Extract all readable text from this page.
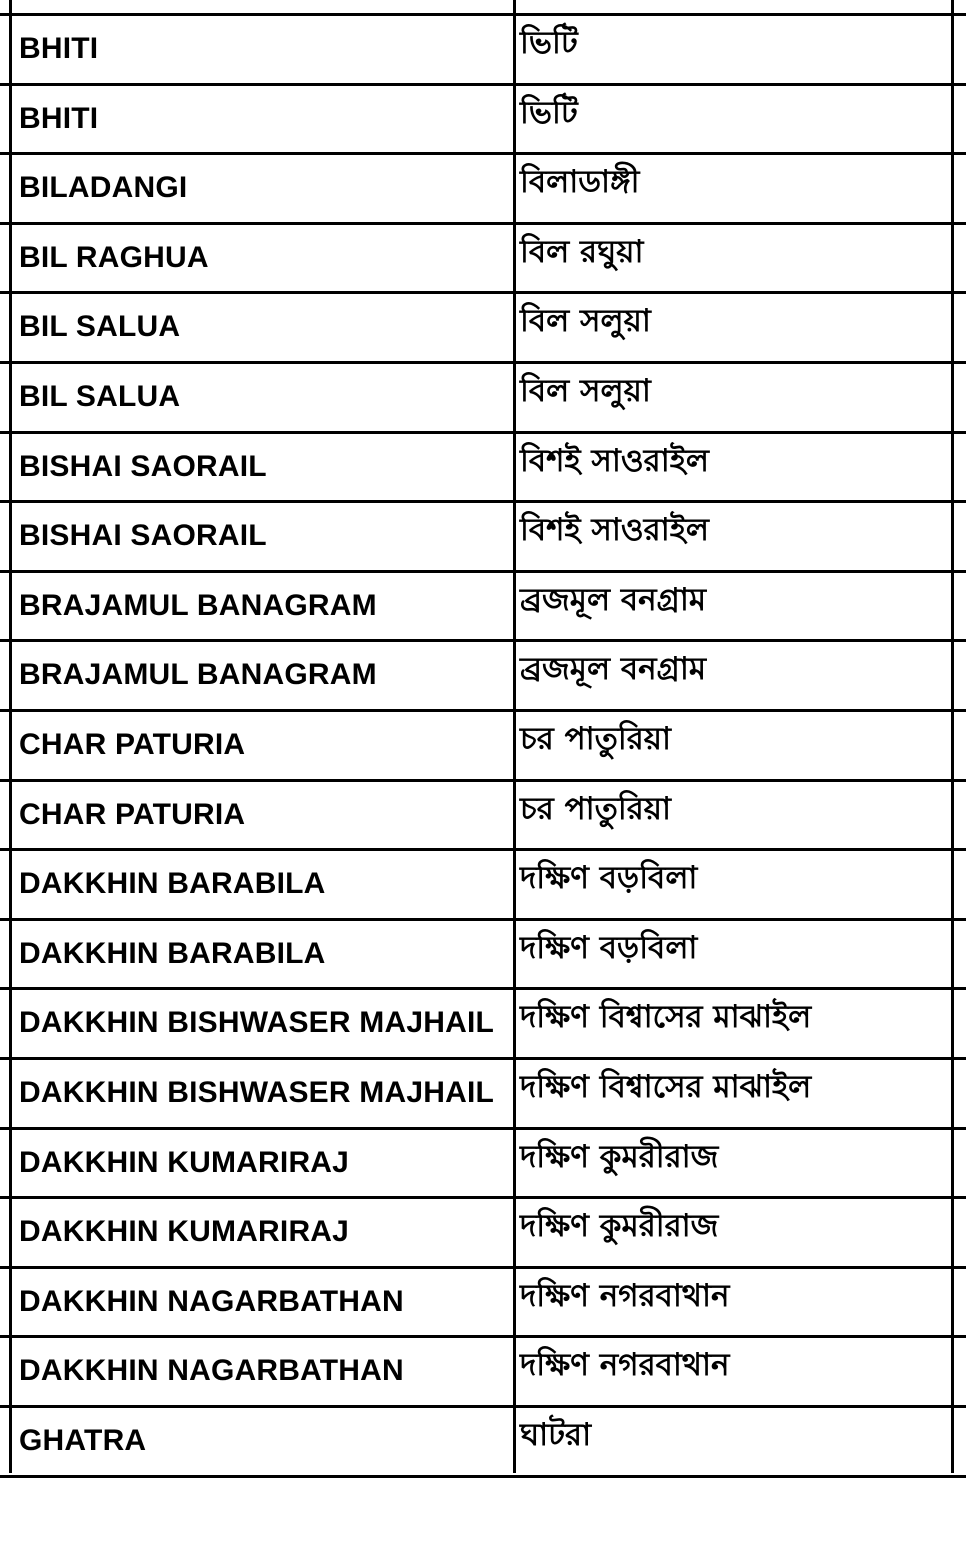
BHITI	ভিটি
BHITI	ভিটি
BILADANGI	বিলাডাঙ্গী
BIL RAGHUA	বিল রঘুয়া
BIL SALUA	বিল সলুয়া
BIL SALUA	বিল সলুয়া
BISHAI SAORAIL	বিশই সাওরাইল
BISHAI SAORAIL	বিশই সাওরাইল
BRAJAMUL BANAGRAM	ব্রজমূল বনগ্রাম
BRAJAMUL BANAGRAM	ব্রজমূল বনগ্রাম
CHAR PATURIA	চর পাতুরিয়া
CHAR PATURIA	চর পাতুরিয়া
DAKKHIN BARABILA	দক্ষিণ বড়বিলা
DAKKHIN BARABILA	দক্ষিণ বড়বিলা
DAKKHIN BISHWASER MAJHAIL দক্ষিণ বিশ্বাসের মাঝাইল
DAKKHIN BISHWASER MAJHAIL দক্ষিণ বিশ্বাসের মাঝাইল
DAKKHIN KUMARIRAJ	দক্ষিণ কুমরীরাজ
DAKKHIN KUMARIRAJ	দক্ষিণ কুমরীরাজ
DAKKHIN NAGARBATHAN	দক্ষিণ নগরবাথান
DAKKHIN NAGARBATHAN	দক্ষিণ নগরবাথান
GHATRA	ঘাটরা
